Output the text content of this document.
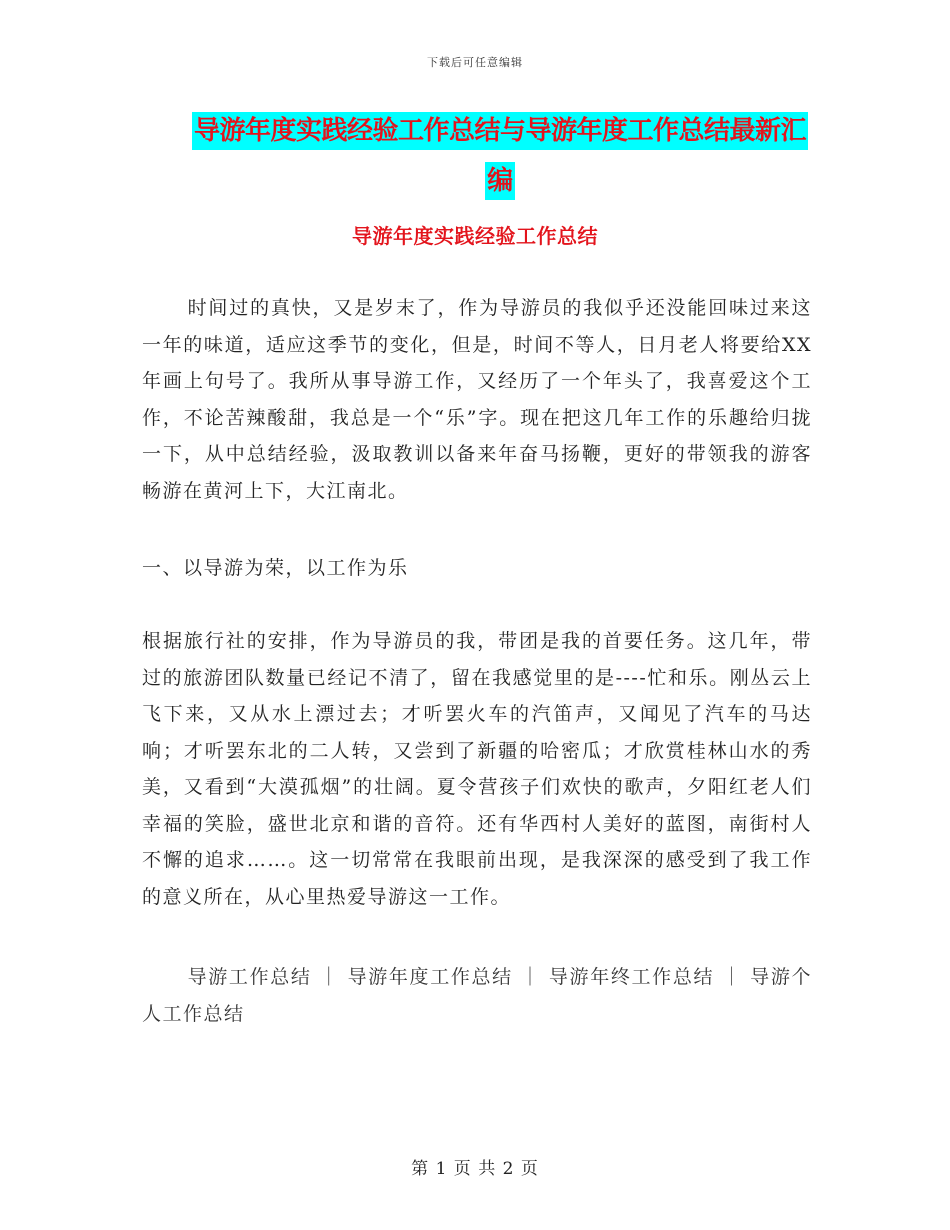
下载后可任意编辑
导游年度实践经验工作总结与导游年度工作总结最新汇编
导游年度实践经验工作总结
时间过的真快，又是岁末了，作为导游员的我似乎还没能回味过来这一年的味道，适应这季节的变化，但是，时间不等人，日月老人将要给XX年画上句号了。我所从事导游工作，又经历了一个年头了，我喜爱这个工作，不论苦辣酸甜，我总是一个“乐”字。现在把这几年工作的乐趣给归拢一下，从中总结经验，汲取教训以备来年奋马扬鞭，更好的带领我的游客畅游在黄河上下，大江南北。
一、以导游为荣，以工作为乐
根据旅行社的安排，作为导游员的我，带团是我的首要任务。这几年，带过的旅游团队数量已经记不清了，留在我感觉里的是----忙和乐。刚丛云上飞下来，又从水上漂过去；才听罢火车的汽笛声，又闻见了汽车的马达响；才听罢东北的二人转，又尝到了新疆的哈密瓜；才欣赏桂林山水的秀美，又看到“大漠孤烟”的壮阔。夏令营孩子们欢快的歌声，夕阳红老人们幸福的笑脸，盛世北京和谐的音符。还有华西村人美好的蓝图，南街村人不懈的追求……。这一切常常在我眼前出现，是我深深的感受到了我工作的意义所在，从心里热爱导游这一工作。
导游工作总结 ｜ 导游年度工作总结 ｜ 导游年终工作总结 ｜ 导游个人工作总结
第 1 页 共 2 页
